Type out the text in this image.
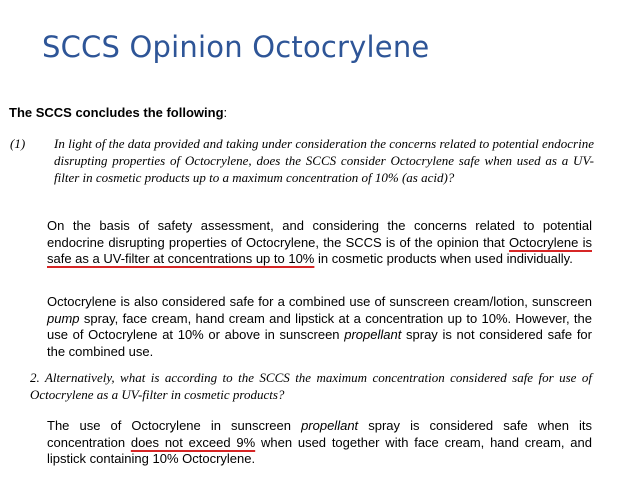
SCCS Opinion Octocrylene

The SCCS concludes the following:

(1) In light of the data provided and taking under consideration the concerns related to potential endocrine disrupting properties of Octocrylene, does the SCCS consider Octocrylene safe when used as a UV-filter in cosmetic products up to a maximum concentration of 10% (as acid)?

On the basis of safety assessment, and considering the concerns related to potential endocrine disrupting properties of Octocrylene, the SCCS is of the opinion that Octocrylene is safe as a UV-filter at concentrations up to 10% in cosmetic products when used individually.

Octocrylene is also considered safe for a combined use of sunscreen cream/lotion, sunscreen pump spray, face cream, hand cream and lipstick at a concentration up to 10%. However, the use of Octocrylene at 10% or above in sunscreen propellant spray is not considered safe for the combined use.

2. Alternatively, what is according to the SCCS the maximum concentration considered safe for use of Octocrylene as a UV-filter in cosmetic products?

The use of Octocrylene in sunscreen propellant spray is considered safe when its concentration does not exceed 9% when used together with face cream, hand cream, and lipstick containing 10% Octocrylene.
